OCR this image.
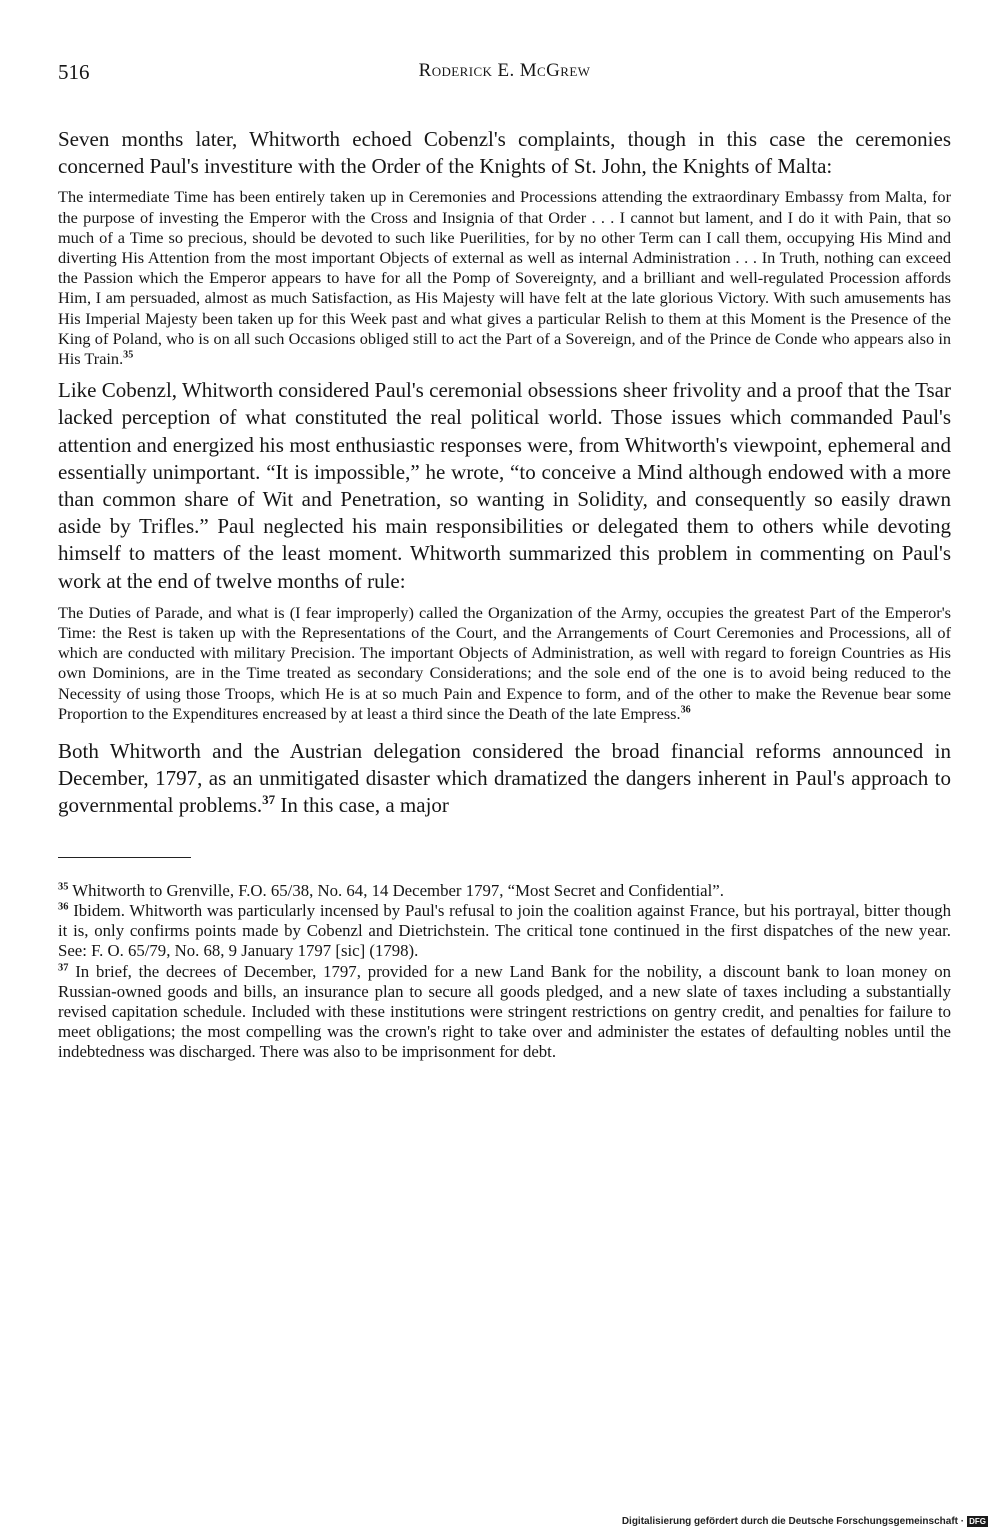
516	Roderick E. McGrew

Seven months later, Whitworth echoed Cobenzl's complaints, though in this case the ceremonies concerned Paul's investiture with the Order of the Knights of St. John, the Knights of Malta:

The intermediate Time has been entirely taken up in Ceremonies and Processions attending the extraordinary Embassy from Malta, for the purpose of investing the Emperor with the Cross and Insignia of that Order . . . I cannot but lament, and I do it with Pain, that so much of a Time so precious, should be devoted to such like Puerilities, for by no other Term can I call them, occupying His Mind and diverting His Attention from the most important Objects of external as well as internal Administration . . . In Truth, nothing can exceed the Passion which the Emperor appears to have for all the Pomp of Sovereignty, and a brilliant and well-regulated Procession affords Him, I am persuaded, almost as much Satisfaction, as His Majesty will have felt at the late glorious Victory. With such amusements has His Imperial Majesty been taken up for this Week past and what gives a particular Relish to them at this Moment is the Presence of the King of Poland, who is on all such Occasions obliged still to act the Part of a Sovereign, and of the Prince de Conde who appears also in His Train.$^{35}$

Like Cobenzl, Whitworth considered Paul's ceremonial obsessions sheer frivolity and a proof that the Tsar lacked perception of what constituted the real political world. Those issues which commanded Paul's attention and energized his most enthusiastic responses were, from Whitworth's viewpoint, ephemeral and essentially unimportant. “It is impossible,” he wrote, “to conceive a Mind although endowed with a more than common share of Wit and Penetration, so wanting in Solidity, and consequently so easily drawn aside by Trifles.” Paul neglected his main responsibilities or delegated them to others while devoting himself to matters of the least moment. Whitworth summarized this problem in commenting on Paul's work at the end of twelve months of rule:

The Duties of Parade, and what is (I fear improperly) called the Organization of the Army, occupies the greatest Part of the Emperor's Time: the Rest is taken up with the Representations of the Court, and the Arrangements of Court Ceremonies and Processions, all of which are conducted with military Precision. The important Objects of Administration, as well with regard to foreign Countries as His own Dominions, are in the Time treated as secondary Considerations; and the sole end of the one is to avoid being reduced to the Necessity of using those Troops, which He is at so much Pain and Expence to form, and of the other to make the Revenue bear some Proportion to the Expenditures encreased by at least a third since the Death of the late Empress.$^{36}$

Both Whitworth and the Austrian delegation considered the broad financial reforms announced in December, 1797, as an unmitigated disaster which dramatized the dangers inherent in Paul's approach to governmental problems.$^{37}$ In this case, a major

$^{35}$ Whitworth to Grenville, F.O. 65/38, No. 64, 14 December 1797, “Most Secret and Confidential”.

$^{36}$ Ibidem. Whitworth was particularly incensed by Paul's refusal to join the coalition against France, but his portrayal, bitter though it is, only confirms points made by Cobenzl and Dietrichstein. The critical tone continued in the first dispatches of the new year. See: F. O. 65/79, No. 68, 9 January 1797 [sic] (1798).

$^{37}$ In brief, the decrees of December, 1797, provided for a new Land Bank for the nobility, a discount bank to loan money on Russian-owned goods and bills, an insurance plan to secure all goods pledged, and a new slate of taxes including a substantially revised capitation schedule. Included with these institutions were stringent restrictions on gentry credit, and penalties for failure to meet obligations; the most compelling was the crown's right to take over and administer the estates of defaulting nobles until the indebtedness was discharged. There was also to be imprisonment for debt.

Digitalisierung gefördert durch die Deutsche Forschungsgemeinschaft · DFG
